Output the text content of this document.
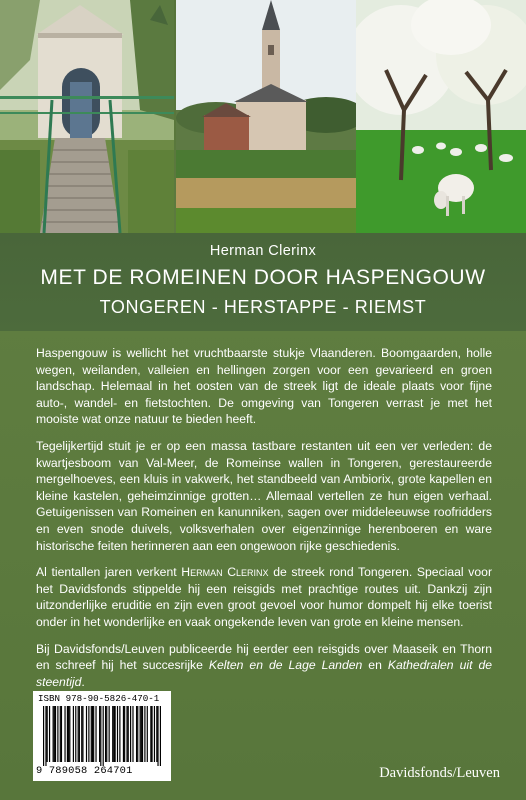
Herman Clerinx
MET DE ROMEINEN DOOR HASPENGOUW
TONGEREN - HERSTAPPE - RIEMST

Haspengouw is wellicht het vruchtbaarste stukje Vlaanderen. Boomgaarden, holle wegen, weilanden, valleien en hellingen zorgen voor een gevarieerd en groen landschap. Helemaal in het oosten van de streek ligt de ideale plaats voor fijne auto-, wandel- en fietstochten. De omgeving van Tongeren verrast je met het mooiste wat onze natuur te bieden heeft.

Tegelijkertijd stuit je er op een massa tastbare restanten uit een ver verleden: de kwartjesboom van Val-Meer, de Romeinse wallen in Tongeren, gerestaureerde mergelhoeves, een kluis in vakwerk, het standbeeld van Ambiorix, grote kapellen en kleine kastelen, geheimzinnige grotten… Allemaal vertellen ze hun eigen verhaal. Getuigenissen van Romeinen en kanunniken, sagen over middeleeuwse roofridders en even snode duivels, volksverhalen over eigenzinnige herenboeren en ware historische feiten herinneren aan een ongewoon rijke geschiedenis.

Al tientallen jaren verkent Herman Clerinx de streek rond Tongeren. Speciaal voor het Davidsfonds stippelde hij een reisgids met prachtige routes uit. Dankzij zijn uitzonderlijke eruditie en zijn even groot gevoel voor humor dompelt hij elke toerist onder in het wonderlijke en vaak ongekende leven van grote en kleine mensen.

Bij Davidsfonds/Leuven publiceerde hij eerder een reisgids over Maaseik en Thorn en schreef hij het succesrijke Kelten en de Lage Landen en Kathedralen uit de steentijd.

ISBN 978-90-5826-470-1
9 789058 264701	Davidsfonds/Leuven
